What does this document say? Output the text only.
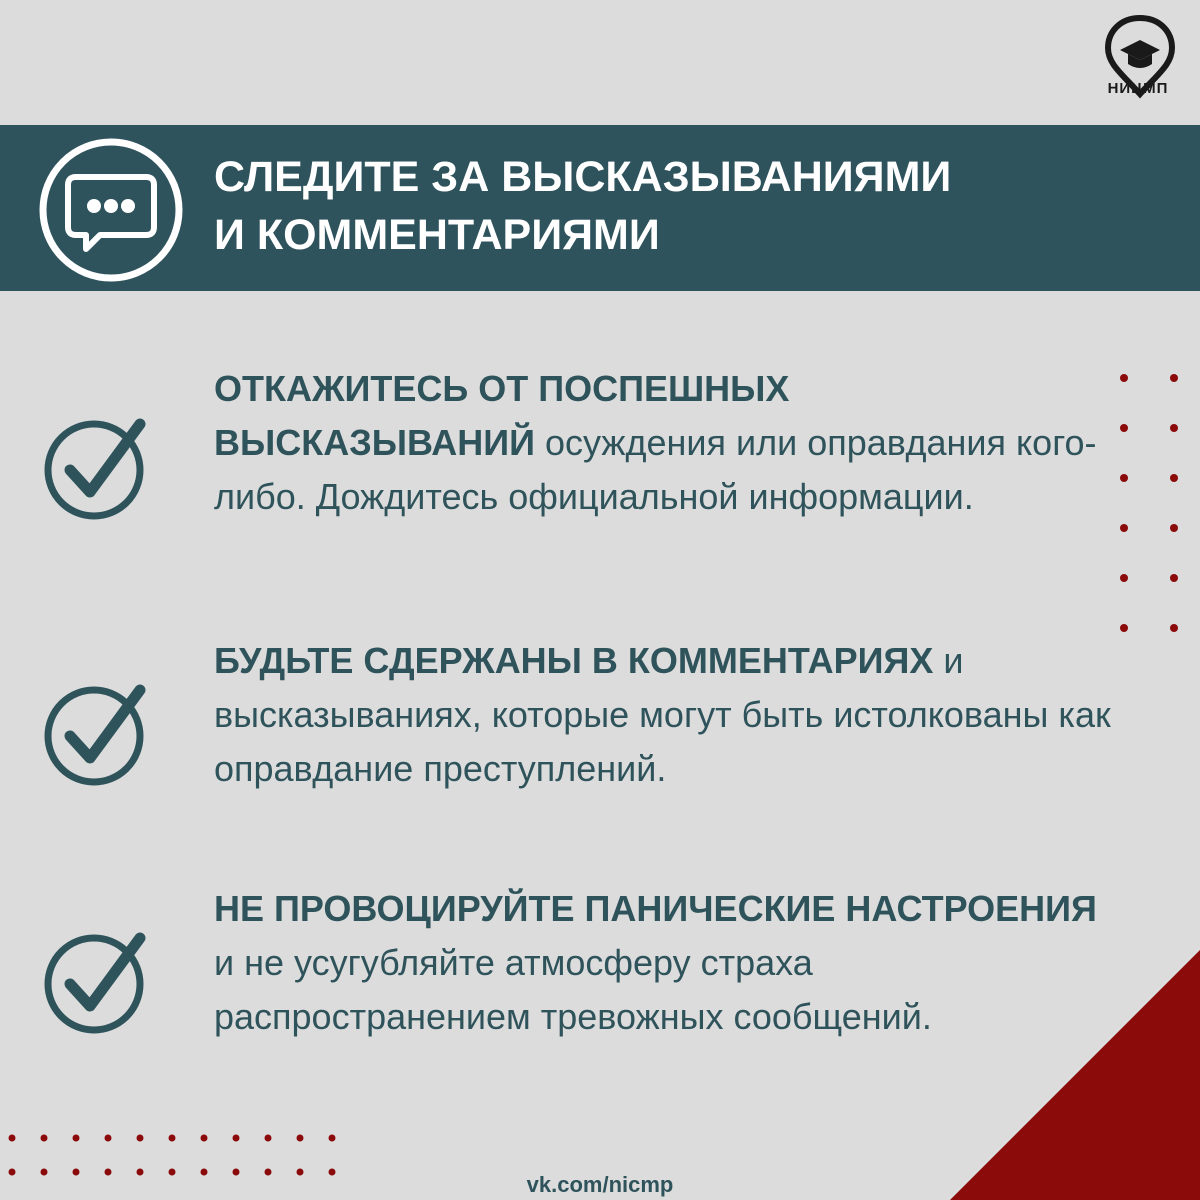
НИЦМП
СЛЕДИТЕ ЗА ВЫСКАЗЫВАНИЯМИ
И КОММЕНТАРИЯМИ
ОТКАЖИТЕСЬ ОТ ПОСПЕШНЫХ ВЫСКАЗЫВАНИЙ осуждения или оправдания кого-либо. Дождитесь официальной информации.
БУДЬТЕ СДЕРЖАНЫ В КОММЕНТАРИЯХ и высказываниях, которые могут быть истолкованы как оправдание преступлений.
НЕ ПРОВОЦИРУЙТЕ ПАНИЧЕСКИЕ НАСТРОЕНИЯ и не усугубляйте атмосферу страха распространением тревожных сообщений.
vk.com/nicmp
